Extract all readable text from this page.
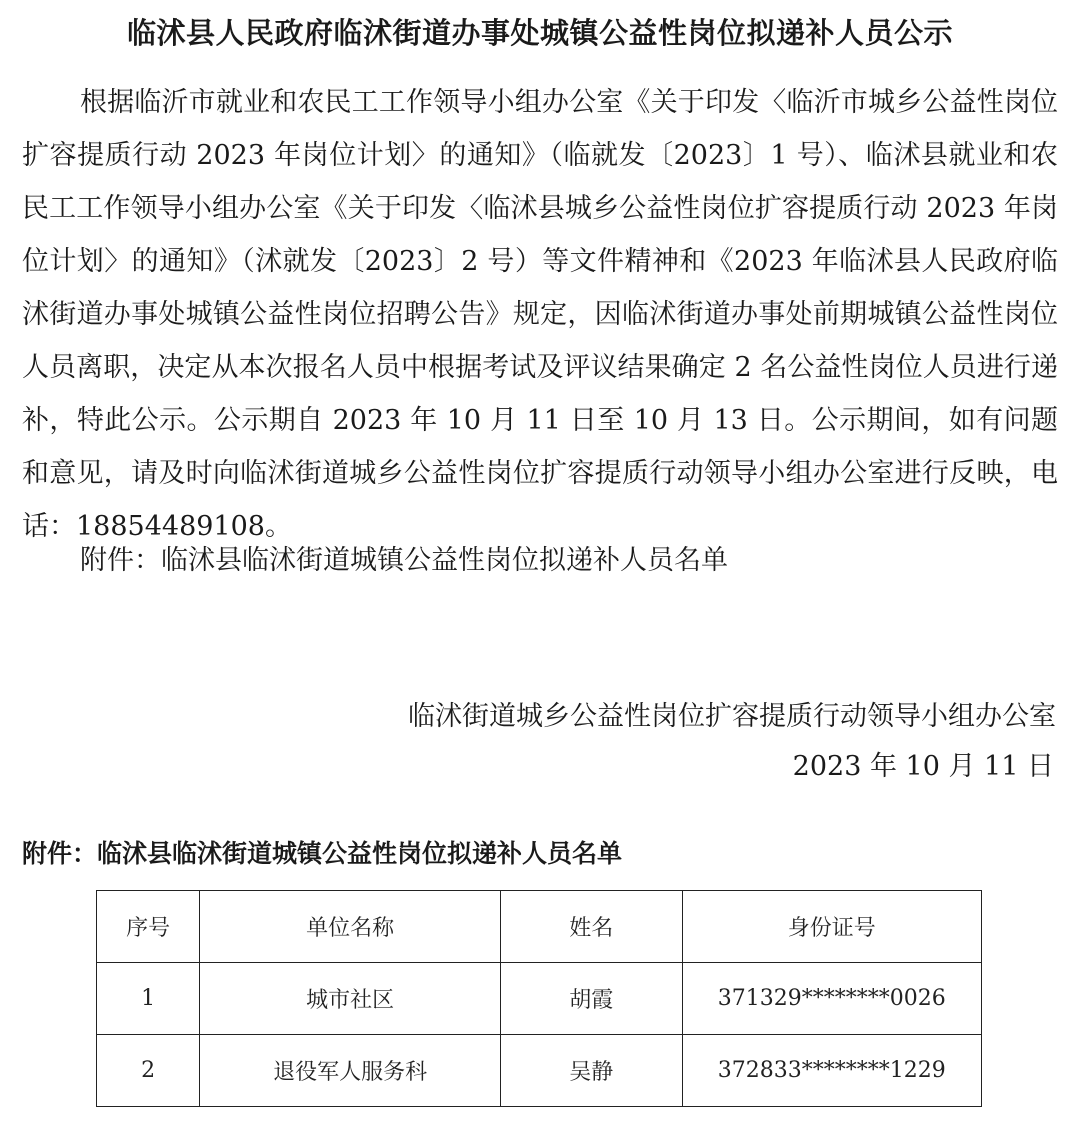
临沭县人民政府临沭街道办事处城镇公益性岗位拟递补人员公示

根据临沂市就业和农民工工作领导小组办公室《关于印发〈临沂市城乡公益性岗位扩容提质行动 2023 年岗位计划〉的通知》（临就发〔2023〕1 号）、临沭县就业和农民工工作领导小组办公室《关于印发〈临沭县城乡公益性岗位扩容提质行动 2023 年岗位计划〉的通知》（沭就发〔2023〕2 号）等文件精神和《2023 年临沭县人民政府临沭街道办事处城镇公益性岗位招聘公告》规定，因临沭街道办事处前期城镇公益性岗位人员离职，决定从本次报名人员中根据考试及评议结果确定 2 名公益性岗位人员进行递补，特此公示。公示期自 2023 年 10 月 11 日至 10 月 13 日。公示期间，如有问题和意见，请及时向临沭街道城乡公益性岗位扩容提质行动领导小组办公室进行反映，电话：18854489108。

附件：临沭县临沭街道城镇公益性岗位拟递补人员名单
临沭街道城乡公益性岗位扩容提质行动领导小组办公室
2023 年 10 月 11 日
附件：临沭县临沭街道城镇公益性岗位拟递补人员名单
序号	单位名称	姓名	身份证号
1	城市社区	胡霞	371329********0026
2	退役军人服务科	吴静	372833********1229
